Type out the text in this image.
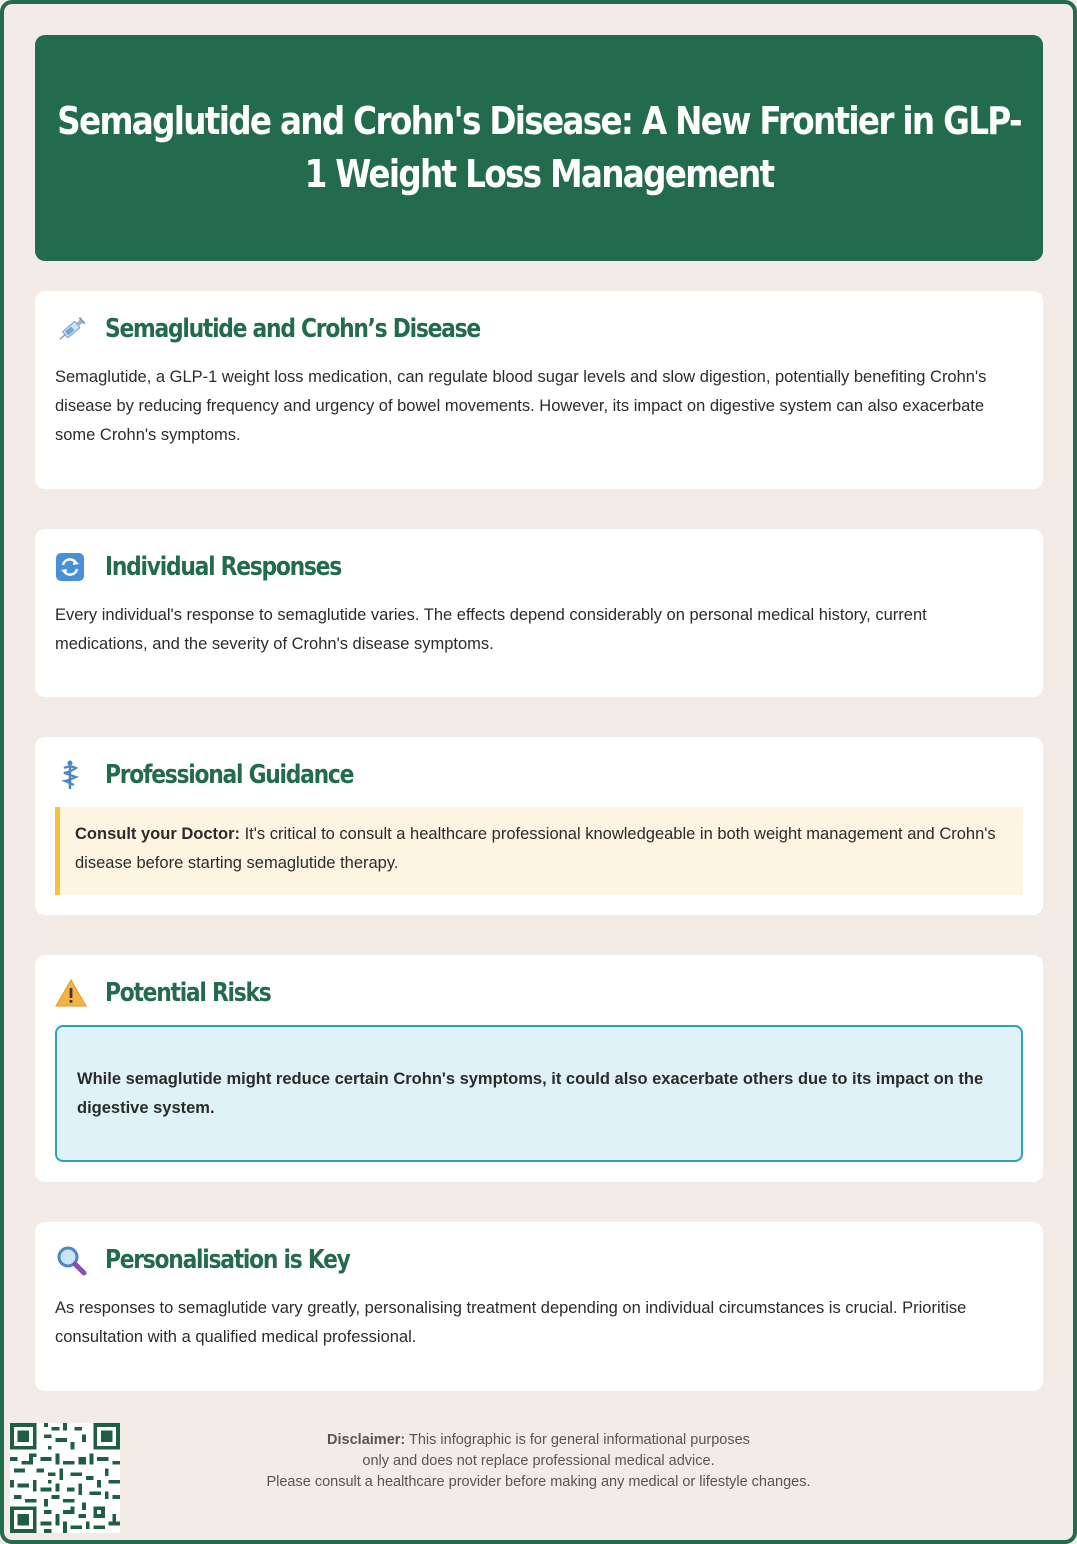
Semaglutide and Crohn's Disease: A New Frontier in GLP-1 Weight Loss Management
Semaglutide and Crohn’s Disease
Semaglutide, a GLP-1 weight loss medication, can regulate blood sugar levels and slow digestion, potentially benefiting Crohn's disease by reducing frequency and urgency of bowel movements. However, its impact on digestive system can also exacerbate some Crohn's symptoms.
Individual Responses
Every individual's response to semaglutide varies. The effects depend considerably on personal medical history, current medications, and the severity of Crohn's disease symptoms.
Professional Guidance
Consult your Doctor: It's critical to consult a healthcare professional knowledgeable in both weight management and Crohn's disease before starting semaglutide therapy.
Potential Risks
While semaglutide might reduce certain Crohn's symptoms, it could also exacerbate others due to its impact on the digestive system.
Personalisation is Key
As responses to semaglutide vary greatly, personalising treatment depending on individual circumstances is crucial. Prioritise consultation with a qualified medical professional.
Disclaimer: This infographic is for general informational purposes
only and does not replace professional medical advice.
Please consult a healthcare provider before making any medical or lifestyle changes.
